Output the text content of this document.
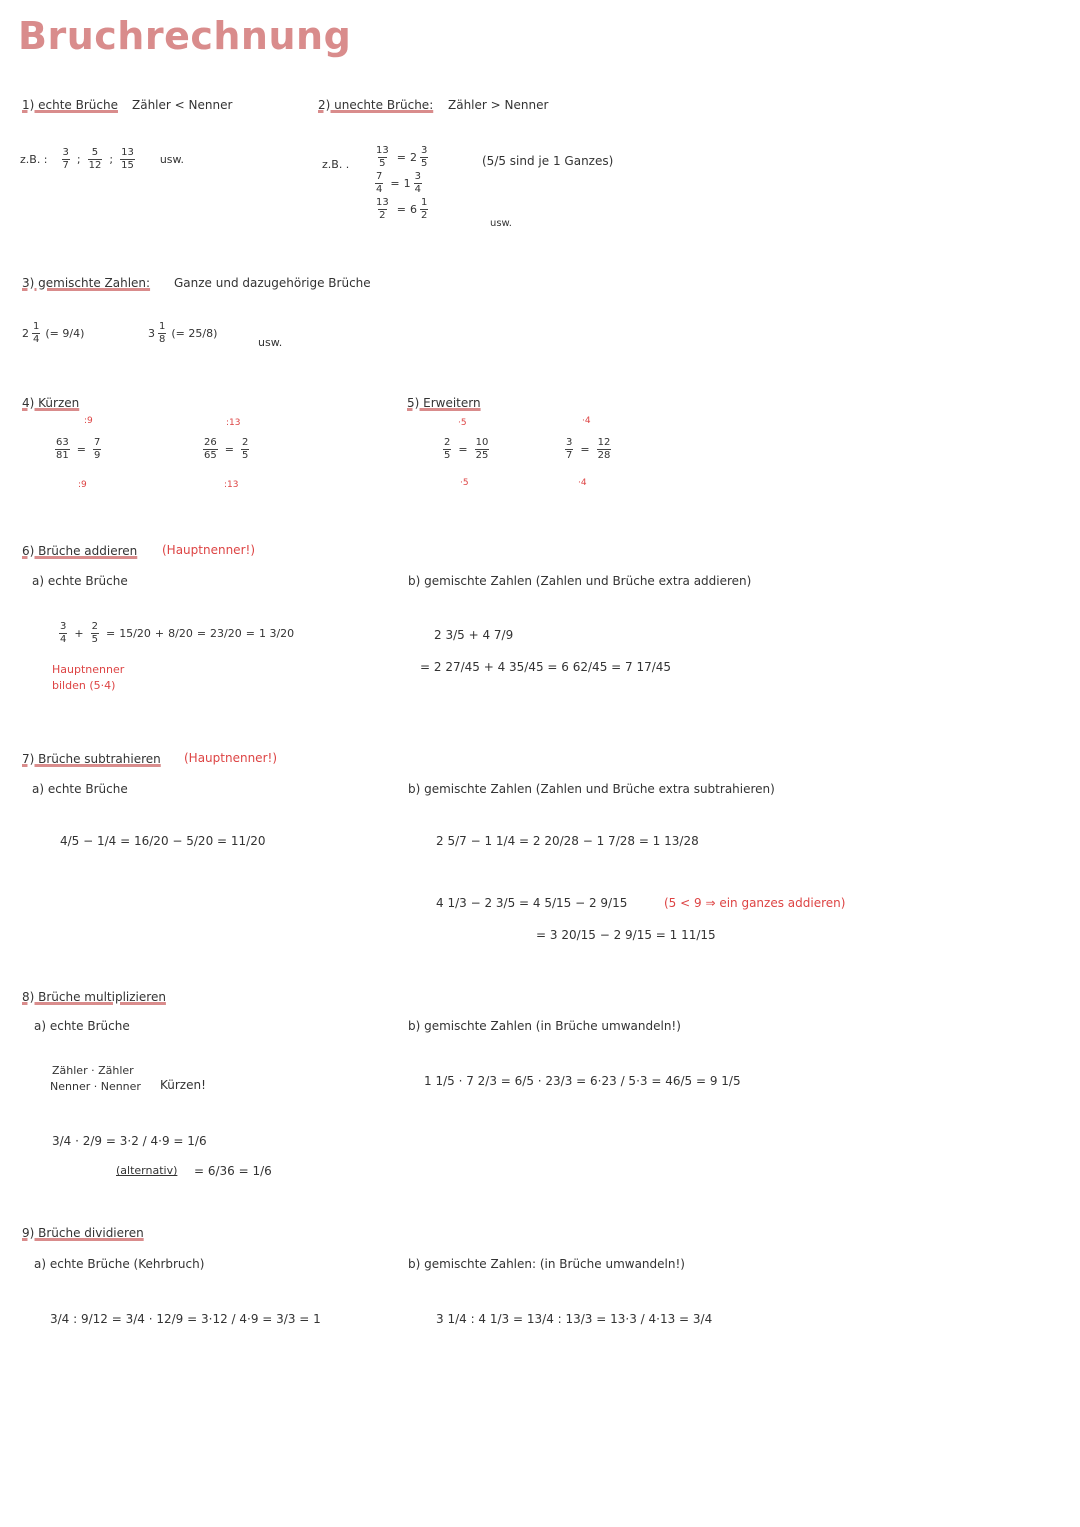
Bruchrechnung
1) echte Brüche Zähler < Nenner
z.B. :
3
7 ;
5
12 ;
13
15 usw.
2) unechte Brüche: Zähler > Nenner
z.B. .	$\frac{13}{5} = 2$
3
5
$\frac{7}{4} = 1$
3
4
$\frac{13}{2} = 6$
1
2
(5/5 sind je 1 Ganzes)
usw.
3) gemischte Zahlen: Ganze und dazugehörige Brüche
2
1
4 (= 9/4)	3
1
8 (= 25/8)
usw.
4) Kürzen
:9
$\frac{63}{81} = \frac{7}{9}$
:9
:13
$\frac{26}{65} = \frac{2}{5}$
:13
5) Erweitern
·5
$\frac{2}{5} = \frac{10}{25}$
·5
·4
$\frac{3}{7} = \frac{12}{28}$
·4
6) Brüche addieren (Hauptnenner!)
a) echte Brüche
3
$4 + \frac{2}{5} = 15/20 + 8/20 = 23/20 = 1$ 3/20
Hauptnenner
bilden (5·4)
b) gemischte Zahlen (Zahlen und Brüche extra addieren)
2 3/5 + 4 7/9
= 2 27/45 + 4 35/45 = 6 62/45 = 7 17/45
7) Brüche subtrahieren (Hauptnenner!)
a) echte Brüche
4/5 − 1/4 = 16/20 − 5/20 = 11/20
b) gemischte Zahlen (Zahlen und Brüche extra subtrahieren)
2 5/7 − 1 1/4 = 2 20/28 − 1 7/28 = 1 13/28
4 1/3 − 2 3/5 = 4 5/15 − 2 9/15	(5 < 9 ⇒ ein ganzes addieren)
= 3 20/15 − 2 9/15 = 1 11/15
8) Brüche multiplizieren
a) echte Brüche
Zähler · Zähler
Nenner · Nenner Kürzen!
3/4 · 2/9 = 3·2 / 4·9 = 1/6
(alternativ) = 6/36 = 1/6
b) gemischte Zahlen (in Brüche umwandeln!)
1 1/5 · 7 2/3 = 6/5 · 23/3 = 6·23 / 5·3 = 46/5 = 9 1/5
9) Brüche dividieren
a) echte Brüche (Kehrbruch)
3/4 : 9/12 = 3/4 · 12/9 = 3·12 / 4·9 = 3/3 = 1
b) gemischte Zahlen: (in Brüche umwandeln!)
3 1/4 : 4 1/3 = 13/4 : 13/3 = 13·3 / 4·13 = 3/4
